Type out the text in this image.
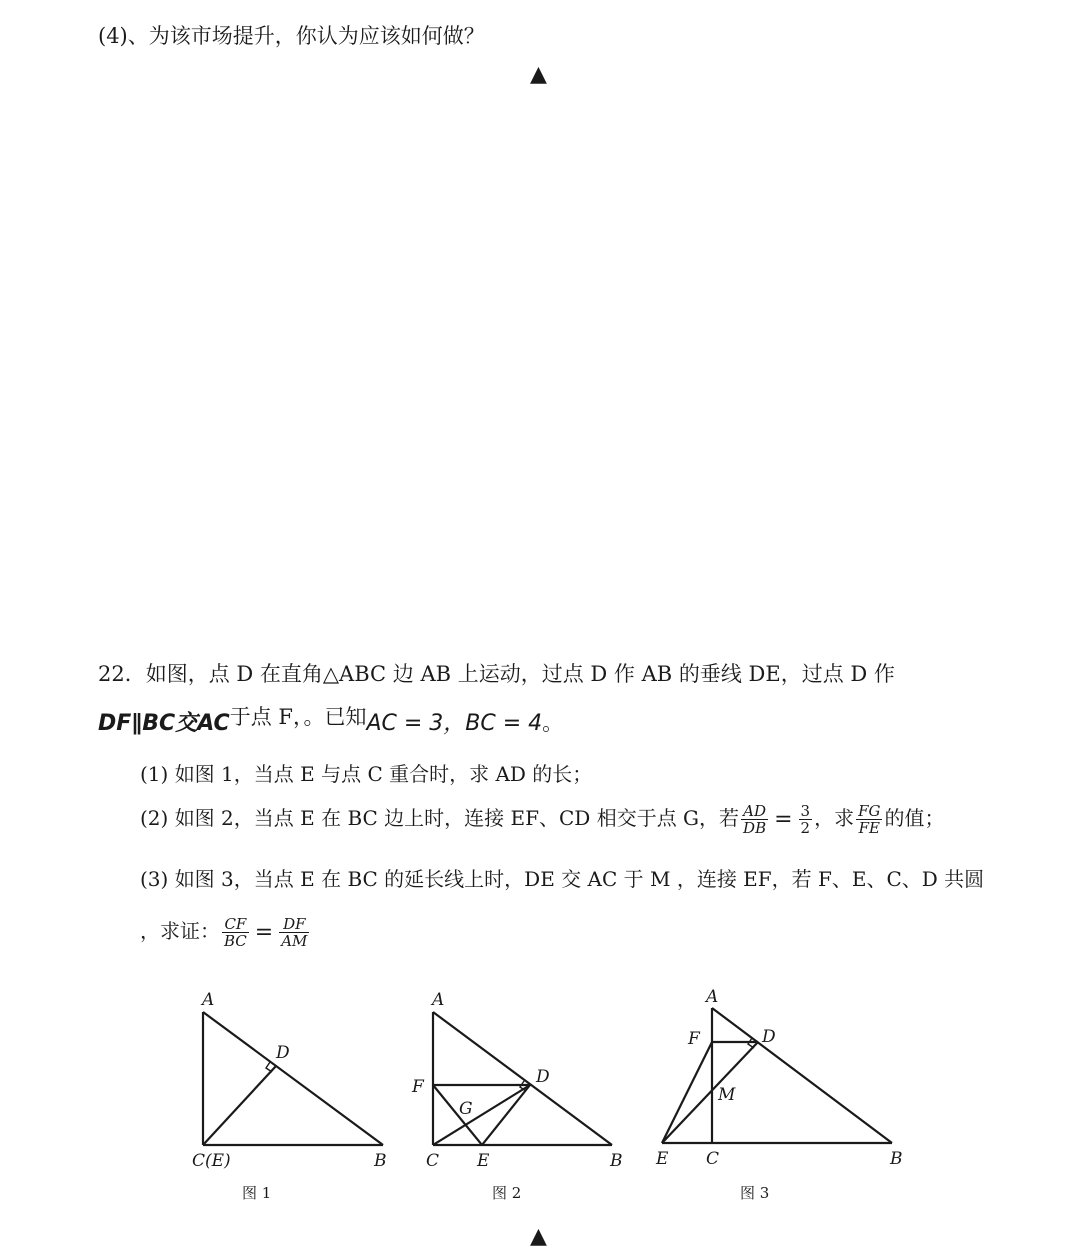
(4)、为该市场提升，你认为应该如何做？
▲
22．如图，点 D 在直角△ABC 边 AB 上运动，过点 D 作 AB 的垂线 DE，过点 D 作
DF∥BC交AC于点 F，。已知AC = 3，BC = 4。
(1) 如图 1，当点 E 与点 C 重合时，求 AD 的长；
(2) 如图 2，当点 E 在 BC 边上时，连接 EF、CD 相交于点 G，若 $\frac{AD}{DB} = \frac{3}{2}$ ，求 $\frac{FG}{FE}$ 的值；
(3) 如图 3，当点 E 在 BC 的延长线上时，DE 交 AC 于 M ，连接 EF，若 F、E、C、D 共圆
，求证： $\frac{CF}{BC} = \frac{DF}{AM}$
A
D
C(E)	B
图 1
A
D
F
G
C E	B
图 2
A
F	D
M
E C	B
图 3
▲
